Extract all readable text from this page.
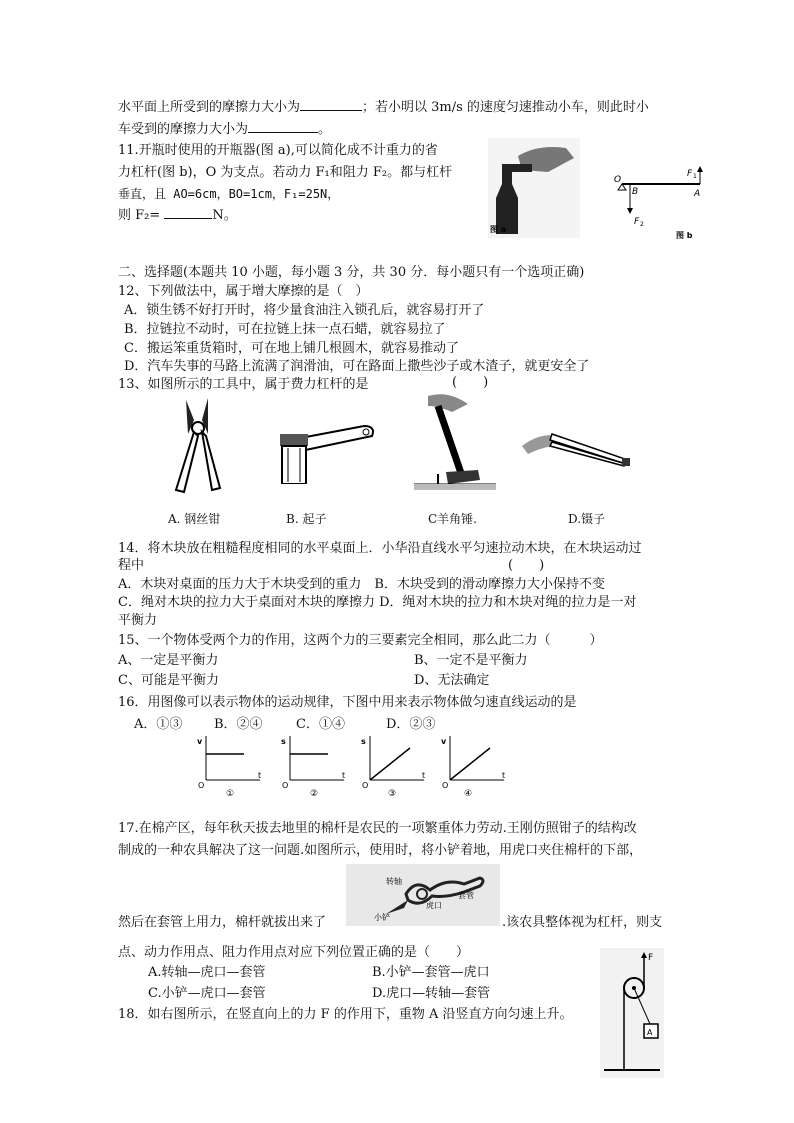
水平面上所受到的摩擦力大小为	；若小明以 3m/s 的速度匀速推动小车，则此时小
车受到的摩擦力大小为	。
11.开瓶时使用的开瓶器(图 a),可以简化成不计重力的省
力杠杆(图 b)，O 为支点。若动力 F₁和阻力 F₂。都与杠杆
垂直，且 AO=6cm，BO=1cm，F₁=25N，
则 F₂=	N。
图 a
O
B	A
F 1
F 2
图 b
二、选择题(本题共 10 小题，每小题 3 分，共 30 分．每小题只有一个选项正确)
12、下列做法中，属于增大摩擦的是（　）
A．锁生锈不好打开时，将少量食油注入锁孔后，就容易打开了
B．拉链拉不动时，可在拉链上抹一点石蜡，就容易拉了
C．搬运笨重货箱时，可在地上铺几根圆木，就容易推动了
D．汽车失事的马路上流满了润滑油，可在路面上撒些沙子或木渣子，就更安全了
13、如图所示的工具中，属于费力杠杆的是	(　　)
A. 钢丝钳	B. 起子	C羊角锤.	D.镊子
14．将木块放在粗糙程度相同的水平桌面上．小华沿直线水平匀速拉动木块，在木块运动过
程中	(　　)
A．木块对桌面的压力大于木块受到的重力　B．木块受到的滑动摩擦力大小保持不变
C．绳对木块的拉力大于桌面对木块的摩擦力 D．绳对木块的拉力和木块对绳的拉力是一对
平衡力
15、一个物体受两个力的作用，这两个力的三要素完全相同，那么此二力（　　　）
A、一定是平衡力	B、一定不是平衡力
C、可能是平衡力	D、无法确定
16．用图像可以表示物体的运动规律，下图中用来表示物体做匀速直线运动的是
A．①③ B．②④	C．①④	D．②③
v
t
O
①
s
t
O
②
s
t
O
③
v
t
O
④
17.在棉产区，每年秋天拔去地里的棉杆是农民的一项繁重体力劳动.王刚仿照钳子的结构改
制成的一种农具解决了这一问题.如图所示，使用时，将小铲着地，用虎口夹住棉杆的下部，
转轴
套管
虎口
小铲
然后在套管上用力，棉杆就拔出来了	.该农具整体视为杠杆，则支
点、动力作用点、阻力作用点对应下列位置正确的是（　　）
A.转轴—虎口—套管	B.小铲—套管—虎口
C.小铲—虎口—套管	D.虎口—转轴—套管
18．如右图所示，在竖直向上的力 F 的作用下，重物 A 沿竖直方向匀速上升。
F
A
